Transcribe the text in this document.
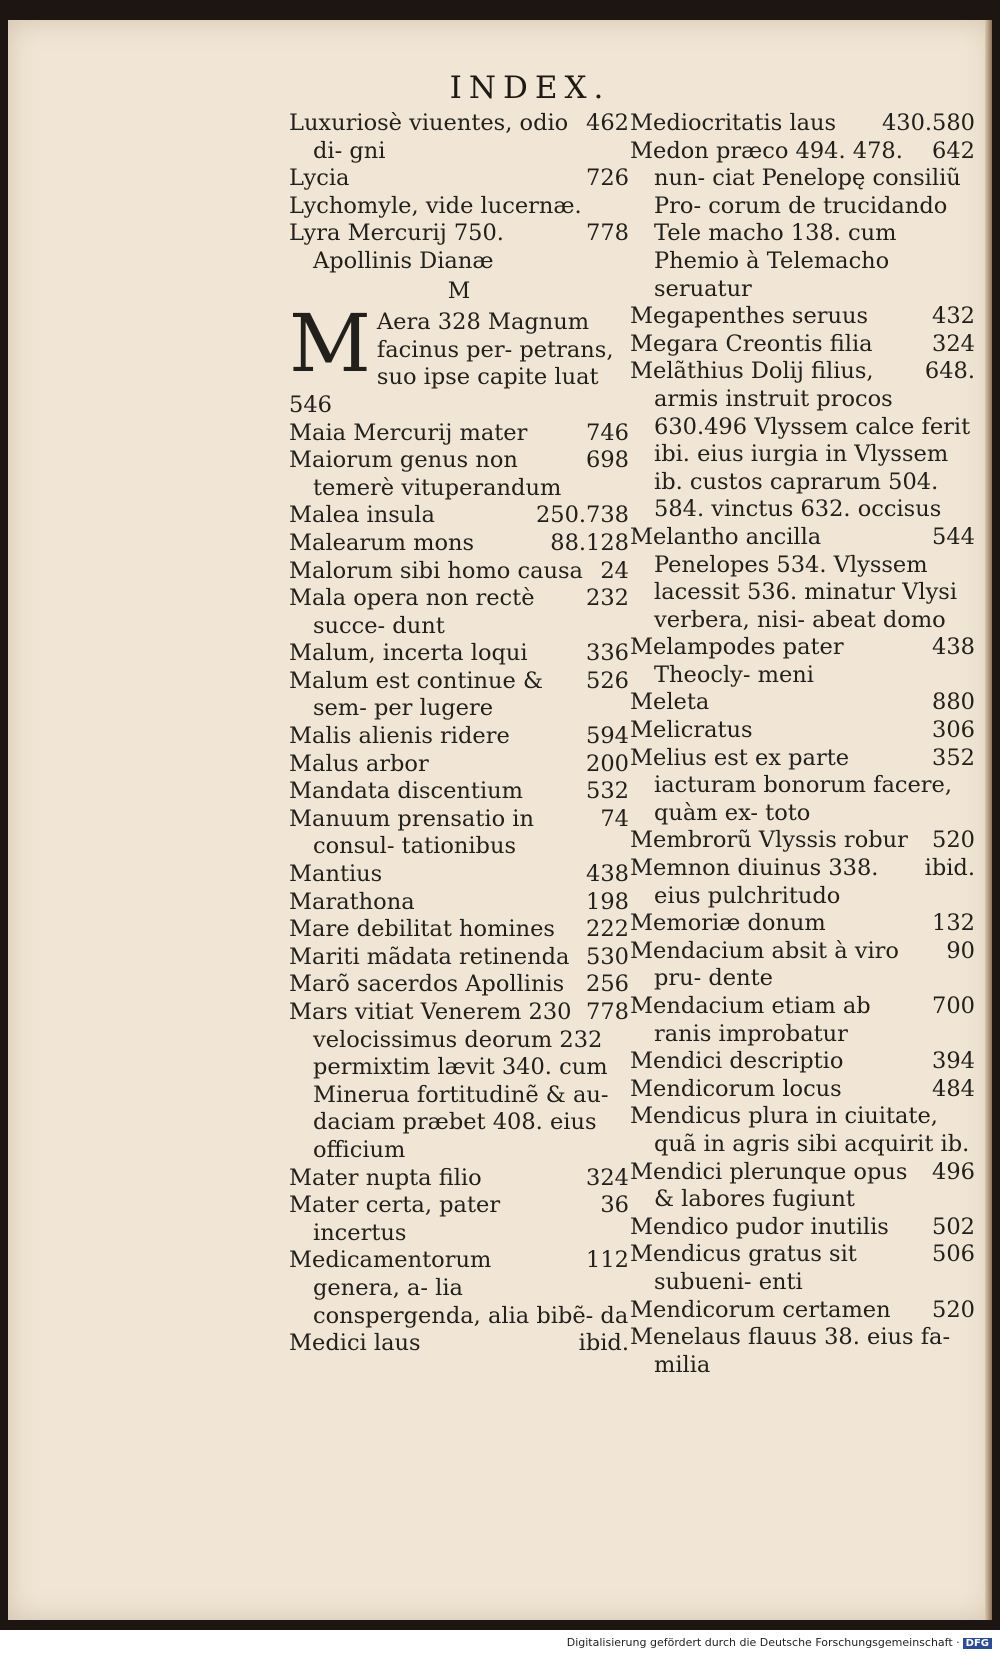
INDEX.
462
Luxuriosè viuentes, odio di- gni
726
Lycia
Lychomyle, vide lucernæ.
778
Lyra Mercurij 750. Apollinis Dianæ
M
M Aera 328 Magnum facinus per- petrans, suo ipse capite luat 546
746
Maia Mercurij mater
698
Maiorum genus non temerè vituperandum
250.738
Malea insula
88.128
Malearum mons
24
Malorum sibi homo causa
232
Mala opera non rectè succe- dunt
336
Malum, incerta loqui
526
Malum est continue & sem- per lugere
594
Malis alienis ridere
200
Malus arbor
532
Mandata discentium
74
Manuum prensatio in consul- tationibus
438
Mantius
198
Marathona
222
Mare debilitat homines
530
Mariti mãdata retinenda
256
Marõ sacerdos Apollinis
778
Mars vitiat Venerem 230 velocissimus deorum 232 permixtim lævit 340. cum Minerua fortitudinẽ & au- daciam præbet 408. eius officium
324
Mater nupta filio
36
Mater certa, pater incertus
112
Medicamentorum genera, a- lia conspergenda, alia bibẽ- da
ibid.
Medici laus
430.580
Mediocritatis laus
642
Medon præco 494. 478. nun- ciat Penelopę consiliũ Pro- corum de trucidando Tele macho 138. cum Phemio à Telemacho seruatur
432
Megapenthes seruus
324
Megara Creontis filia
648.
Melãthius Dolij filius, armis instruit procos 630.496 Vlyssem calce ferit ibi. eius iurgia in Vlyssem ib. custos caprarum 504. 584. vinctus 632. occisus
544
Melantho ancilla Penelopes 534. Vlyssem lacessit 536. minatur Vlysi verbera, nisi- abeat domo
438
Melampodes pater Theocly- meni
880
Meleta
306
Melicratus
352
Melius est ex parte iacturam bonorum facere, quàm ex- toto
520
Membrorũ Vlyssis robur
ibid.
Memnon diuinus 338. eius pulchritudo
132
Memoriæ donum
90
Mendacium absit à viro pru- dente
700
Mendacium etiam ab ranis improbatur
394
Mendici descriptio
484
Mendicorum locus
Mendicus plura in ciuitate, quã in agris sibi acquirit ib.
496
Mendici plerunque opus & labores fugiunt
502
Mendico pudor inutilis
506
Mendicus gratus sit subueni- enti
520
Mendicorum certamen
Menelaus flauus 38. eius fa- milia
Digitalisierung gefördert durch die Deutsche Forschungsgemeinschaft · DFG
